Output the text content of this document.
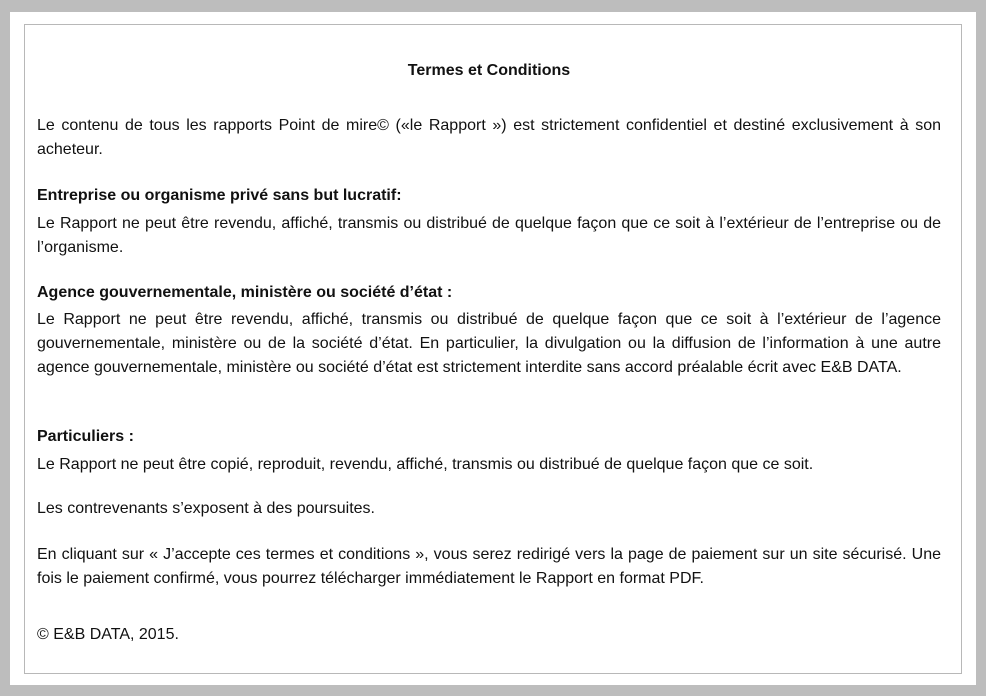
Termes et Conditions

Le contenu de tous les rapports Point de mire© («le Rapport ») est strictement confidentiel et destiné exclusivement à son acheteur.

Entreprise ou organisme privé sans but lucratif:

Le Rapport ne peut être revendu, affiché, transmis ou distribué de quelque façon que ce soit à l’extérieur de l’entreprise ou de l’organisme.

Agence gouvernementale, ministère ou société d’état :

Le Rapport ne peut être revendu, affiché, transmis ou distribué de quelque façon que ce soit à l’extérieur de l’agence gouvernementale, ministère ou de la société d’état. En particulier, la divulgation ou la diffusion de l’information à une autre agence gouvernementale, ministère ou société d’état est strictement interdite sans accord préalable écrit avec E&B DATA.

Particuliers :

Le Rapport ne peut être copié, reproduit, revendu, affiché, transmis ou distribué de quelque façon que ce soit.

Les contrevenants s’exposent à des poursuites.

En cliquant sur « J’accepte ces termes et conditions », vous serez redirigé vers la page de paiement sur un site sécurisé. Une fois le paiement confirmé, vous pourrez télécharger immédiatement le Rapport en format PDF.

© E&B DATA, 2015.
